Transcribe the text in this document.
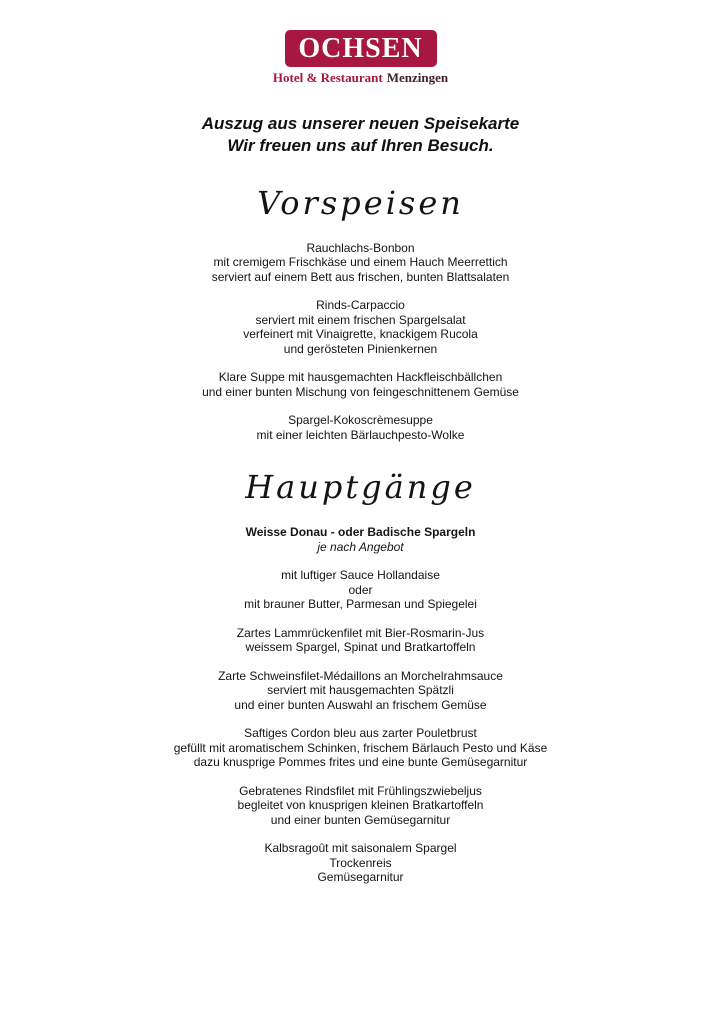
OCHSEN
Hotel & Restaurant Menzingen
Auszug aus unserer neuen Speisekarte
Wir freuen uns auf Ihren Besuch.
Vorspeisen
Rauchlachs-Bonbon
mit cremigem Frischkäse und einem Hauch Meerrettich
serviert auf einem Bett aus frischen, bunten Blattsalaten
Rinds-Carpaccio
serviert mit einem frischen Spargelsalat
verfeinert mit Vinaigrette, knackigem Rucola
und gerösteten Pinienkernen
Klare Suppe mit hausgemachten Hackfleischbällchen
und einer bunten Mischung von feingeschnittenem Gemüse
Spargel-Kokoscrèmesuppe
mit einer leichten Bärlauchpesto-Wolke
Hauptgänge
Weisse Donau - oder Badische Spargeln
je nach Angebot
mit luftiger Sauce Hollandaise
oder
mit brauner Butter, Parmesan und Spiegelei
Zartes Lammrückenfilet mit Bier-Rosmarin-Jus
weissem Spargel, Spinat und Bratkartoffeln
Zarte Schweinsfilet-Médaillons an Morchelrahmsauce
serviert mit hausgemachten Spätzli
und einer bunten Auswahl an frischem Gemüse
Saftiges Cordon bleu aus zarter Pouletbrust
gefüllt mit aromatischem Schinken, frischem Bärlauch Pesto und Käse
dazu knusprige Pommes frites und eine bunte Gemüsegarnitur
Gebratenes Rindsfilet mit Frühlingszwiebeljus
begleitet von knusprigen kleinen Bratkartoffeln
und einer bunten Gemüsegarnitur
Kalbsragoût mit saisonalem Spargel
Trockenreis
Gemüsegarnitur
